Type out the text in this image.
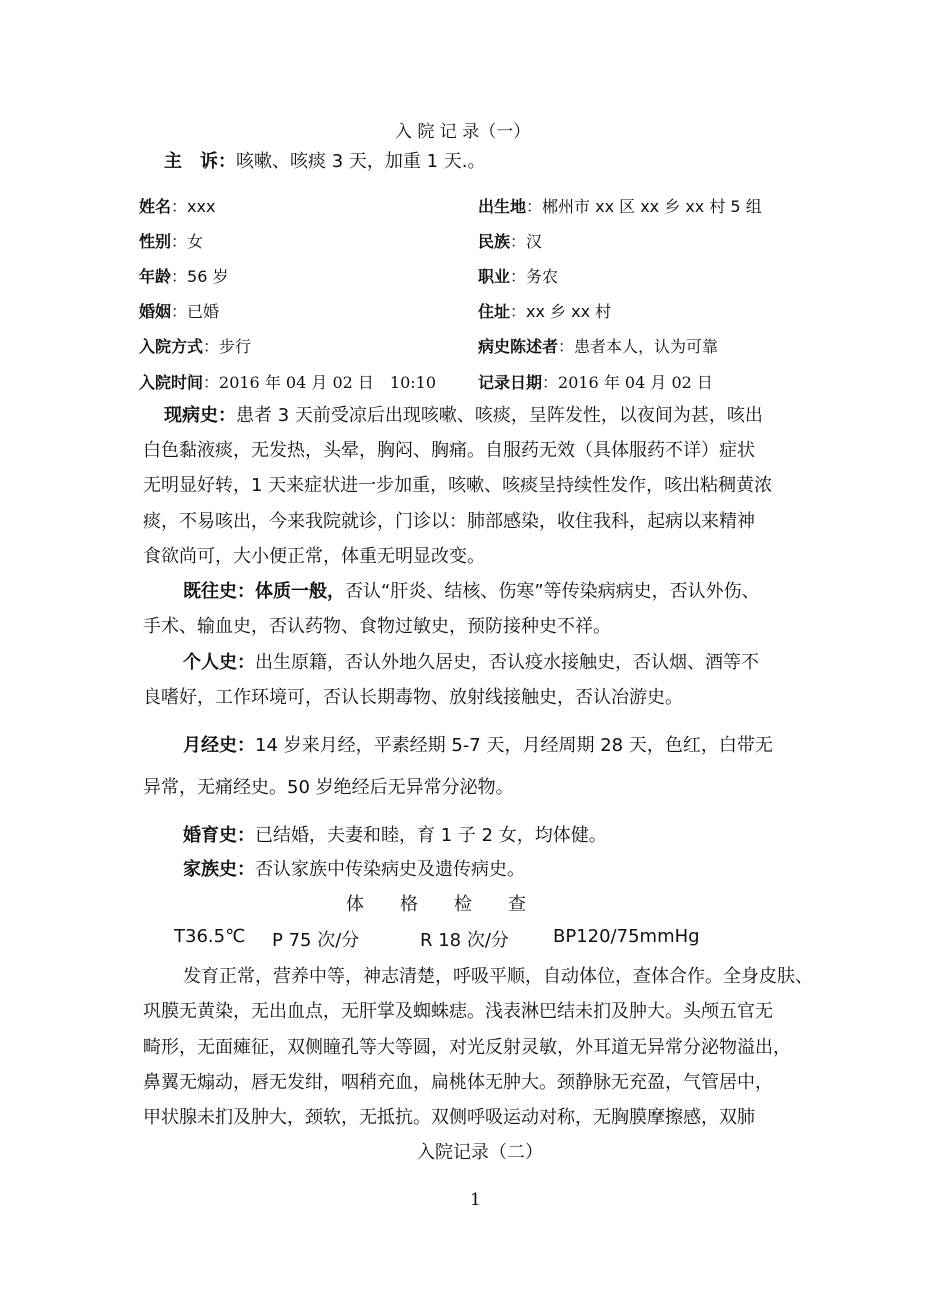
入 院 记 录（一）
主　诉：咳嗽、咳痰 3 天，加重 1 天.。
姓名：xxx
性别：女
年龄：56 岁
婚姻：已婚
入院方式：步行
入院时间：2016 年 04 月 02 日　10:10
出生地：郴州市 xx 区 xx 乡 xx 村 5 组
民族：汉
职业：务农
住址：xx 乡 xx 村
病史陈述者：患者本人，认为可靠
记录日期：2016 年 04 月 02 日
现病史：患者 3 天前受凉后出现咳嗽、咳痰，呈阵发性，以夜间为甚，咳出
白色黏液痰，无发热，头晕，胸闷、胸痛。自服药无效（具体服药不详）症状
无明显好转，1 天来症状进一步加重，咳嗽、咳痰呈持续性发作，咳出粘稠黄浓
痰，不易咳出，今来我院就诊，门诊以：肺部感染，收住我科，起病以来精神
食欲尚可，大小便正常，体重无明显改变。
既往史：体质一般，否认“肝炎、结核、伤寒”等传染病病史，否认外伤、
手术、输血史，否认药物、食物过敏史，预防接种史不祥。
个人史：出生原籍，否认外地久居史，否认疫水接触史，否认烟、酒等不
良嗜好，工作环境可，否认长期毒物、放射线接触史，否认冶游史。
月经史：14 岁来月经，平素经期 5-7 天，月经周期 28 天，色红，白带无
异常，无痛经史。50 岁绝经后无异常分泌物。
婚育史：已结婚，夫妻和睦，育 1 子 2 女，均体健。
家族史：否认家族中传染病史及遗传病史。
体　　格　　检　　查
T36.5℃ P 75 次/分	R 18 次/分 BP120/75mmHg
发育正常，营养中等，神志清楚，呼吸平顺，自动体位，查体合作。全身皮肤、
巩膜无黄染，无出血点，无肝掌及蜘蛛痣。浅表淋巴结未扪及肿大。头颅五官无
畸形，无面瘫征，双侧瞳孔等大等圆，对光反射灵敏，外耳道无异常分泌物溢出，
鼻翼无煽动，唇无发绀，咽稍充血，扁桃体无肿大。颈静脉无充盈，气管居中，
甲状腺未扪及肿大，颈软，无抵抗。双侧呼吸运动对称，无胸膜摩擦感，双肺
入院记录（二）
1
